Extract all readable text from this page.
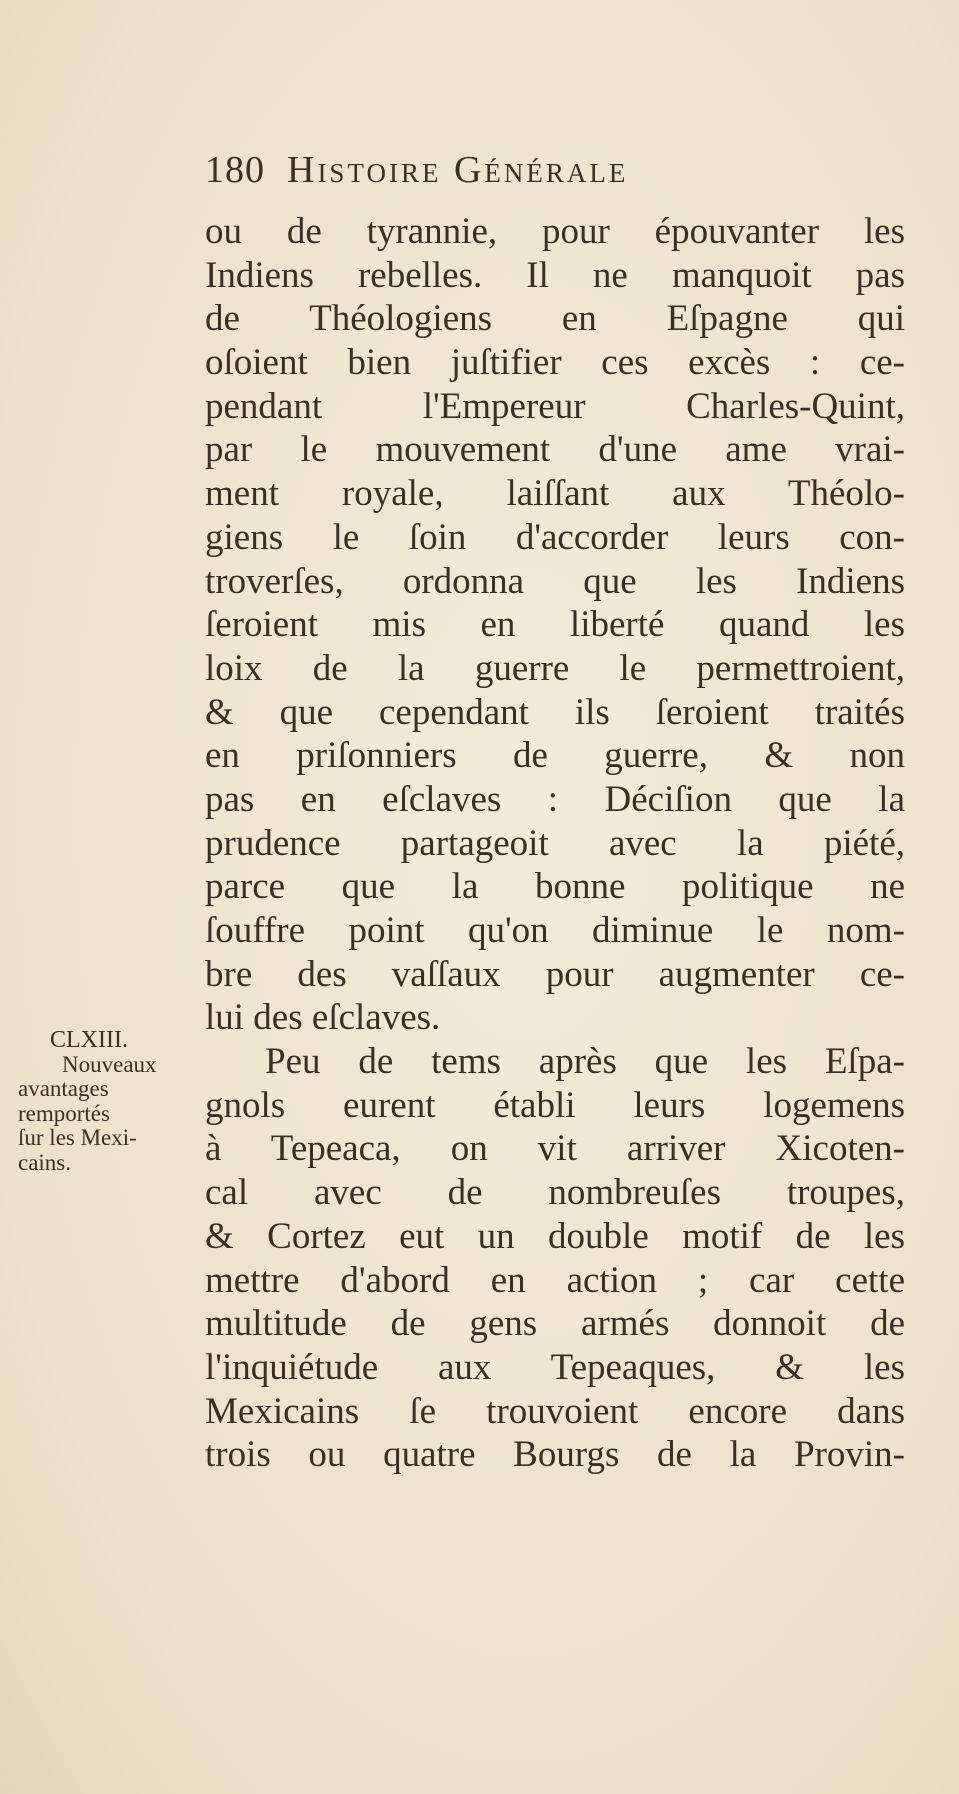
180 Histoire Générale
CLXIII.
Nouveaux
avantages
remportés
ſur les Mexi-
cains.
ou de tyrannie, pour épouvanter les
Indiens rebelles. Il ne manquoit pas
de Théologiens en Eſpagne qui
oſoient bien juſtifier ces excès : ce-
pendant l'Empereur Charles-Quint,
par le mouvement d'une ame vrai-
ment royale, laiſſant aux Théolo-
giens le ſoin d'accorder leurs con-
troverſes, ordonna que les Indiens
ſeroient mis en liberté quand les
loix de la guerre le permettroient,
& que cependant ils ſeroient traités
en priſonniers de guerre, & non
pas en eſclaves : Déciſion que la
prudence partageoit avec la piété,
parce que la bonne politique ne
ſouffre point qu'on diminue le nom-
bre des vaſſaux pour augmenter ce-
lui des eſclaves.
Peu de tems après que les Eſpa-
gnols eurent établi leurs logemens
à Tepeaca, on vit arriver Xicoten-
cal avec de nombreuſes troupes,
& Cortez eut un double motif de les
mettre d'abord en action ; car cette
multitude de gens armés donnoit de
l'inquiétude aux Tepeaques, & les
Mexicains ſe trouvoient encore dans
trois ou quatre Bourgs de la Provin-
